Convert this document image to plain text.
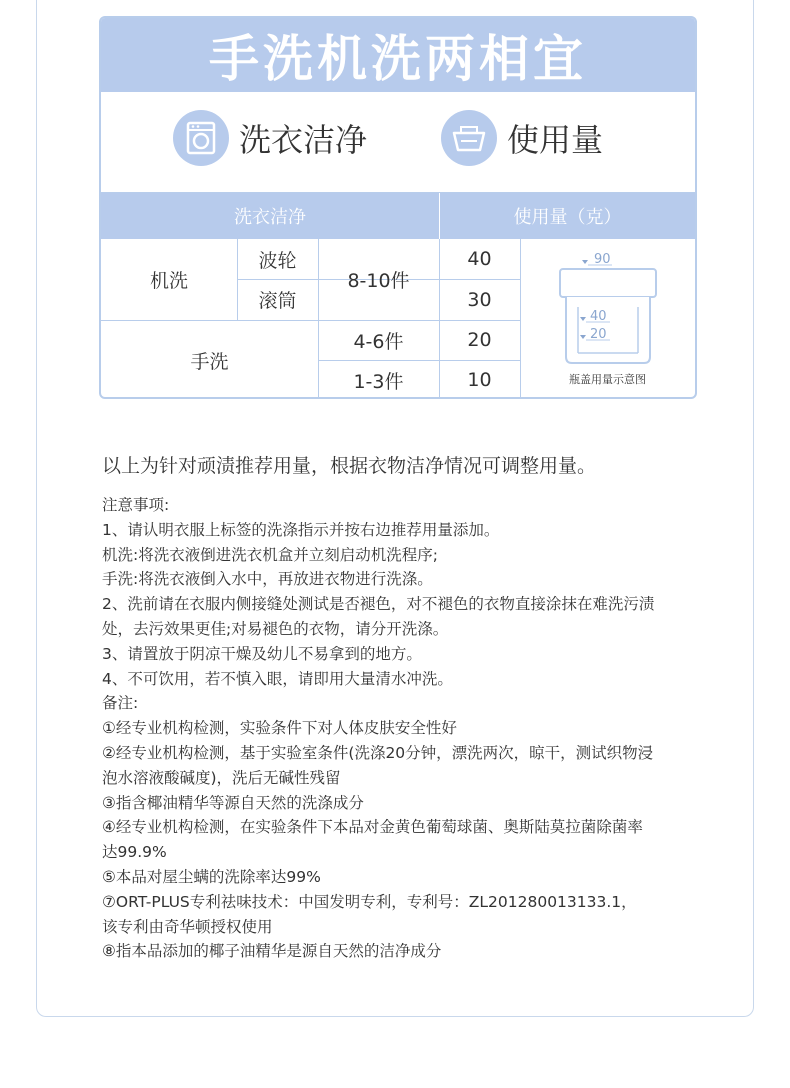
手洗机洗两相宜
洗衣洁净	使用量
洗衣洁净	使用量（克）
机洗
波轮
滚筒
8-10件
手洗
4-6件
1-3件
40
30
20
10
90
40
20
瓶盖用量示意图
以上为针对顽渍推荐用量，根据衣物洁净情况可调整用量。
注意事项:
1、请认明衣服上标签的洗涤指示并按右边推荐用量添加。
机洗:将洗衣液倒进洗衣机盒并立刻启动机洗程序;
手洗:将洗衣液倒入水中，再放进衣物进行洗涤。
2、洗前请在衣服内侧接缝处测试是否褪色，对不褪色的衣物直接涂抹在难洗污渍
处，去污效果更佳;对易褪色的衣物，请分开洗涤。
3、请置放于阴凉干燥及幼儿不易拿到的地方。
4、不可饮用，若不慎入眼，请即用大量清水冲洗。
备注:
①经专业机构检测，实验条件下对人体皮肤安全性好
②经专业机构检测，基于实验室条件(洗涤20分钟，漂洗两次，晾干，测试织物浸
泡水溶液酸碱度)，洗后无碱性残留
③指含椰油精华等源自天然的洗涤成分
④经专业机构检测，在实验条件下本品对金黄色葡萄球菌、奥斯陆莫拉菌除菌率
达99.9%
⑤本品对屋尘螨的洗除率达99%
⑦ORT-PLUS专利祛味技术：中国发明专利，专利号：ZL201280013133.1，
该专利由奇华顿授权使用
⑧指本品添加的椰子油精华是源自天然的洁净成分
